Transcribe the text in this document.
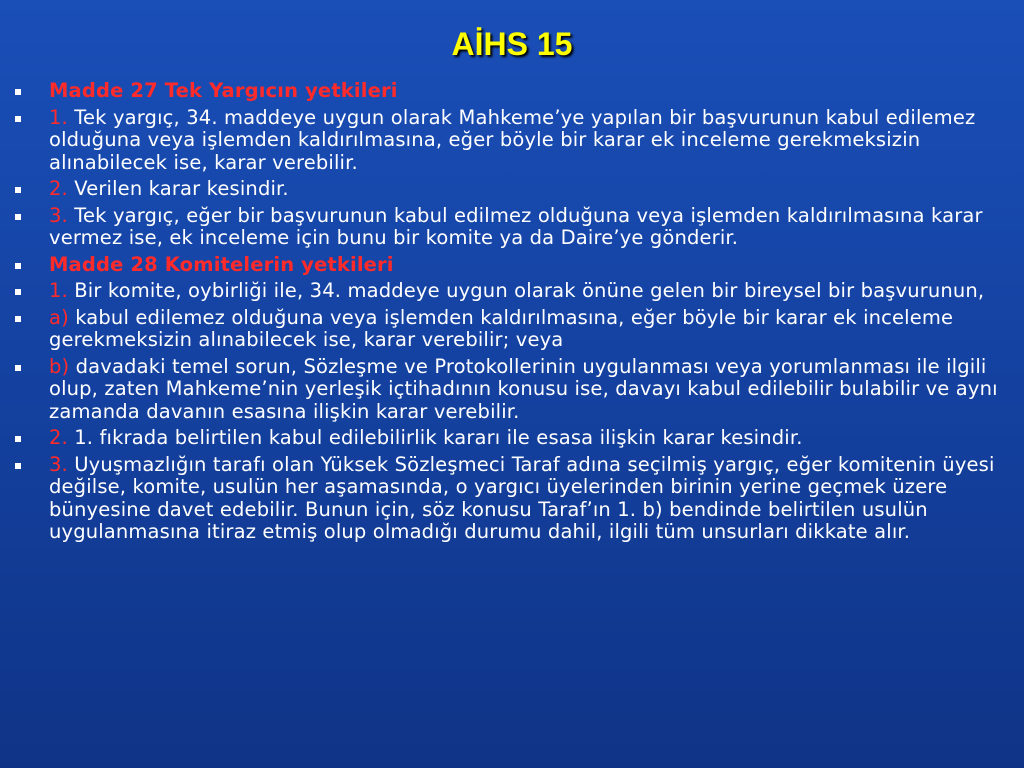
AİHS 15
Madde 27 Tek Yargıcın yetkileri
1. Tek yargıç, 34. maddeye uygun olarak Mahkeme’ye yapılan bir başvurunun kabul edilemez olduğuna veya işlemden kaldırılmasına, eğer böyle bir karar ek inceleme gerekmeksizin alınabilecek ise, karar verebilir.
2. Verilen karar kesindir.
3. Tek yargıç, eğer bir başvurunun kabul edilmez olduğuna veya işlemden kaldırılmasına karar vermez ise, ek inceleme için bunu bir komite ya da Daire’ye gönderir.
Madde 28 Komitelerin yetkileri
1. Bir komite, oybirliği ile, 34. maddeye uygun olarak önüne gelen bir bireysel bir başvurunun,
a) kabul edilemez olduğuna veya işlemden kaldırılmasına, eğer böyle bir karar ek inceleme gerekmeksizin alınabilecek ise, karar verebilir; veya
b) davadaki temel sorun, Sözleşme ve Protokollerinin uygulanması veya yorumlanması ile ilgili olup, zaten Mahkeme’nin yerleşik içtihadının konusu ise, davayı kabul edilebilir bulabilir ve aynı zamanda davanın esasına ilişkin karar verebilir.
2. 1. fıkrada belirtilen kabul edilebilirlik kararı ile esasa ilişkin karar kesindir.
3. Uyuşmazlığın tarafı olan Yüksek Sözleşmeci Taraf adına seçilmiş yargıç, eğer komitenin üyesi değilse, komite, usulün her aşamasında, o yargıcı üyelerinden birinin yerine geçmek üzere bünyesine davet edebilir. Bunun için, söz konusu Taraf’ın 1. b) bendinde belirtilen usulün uygulanmasına itiraz etmiş olup olmadığı durumu dahil, ilgili tüm unsurları dikkate alır.
